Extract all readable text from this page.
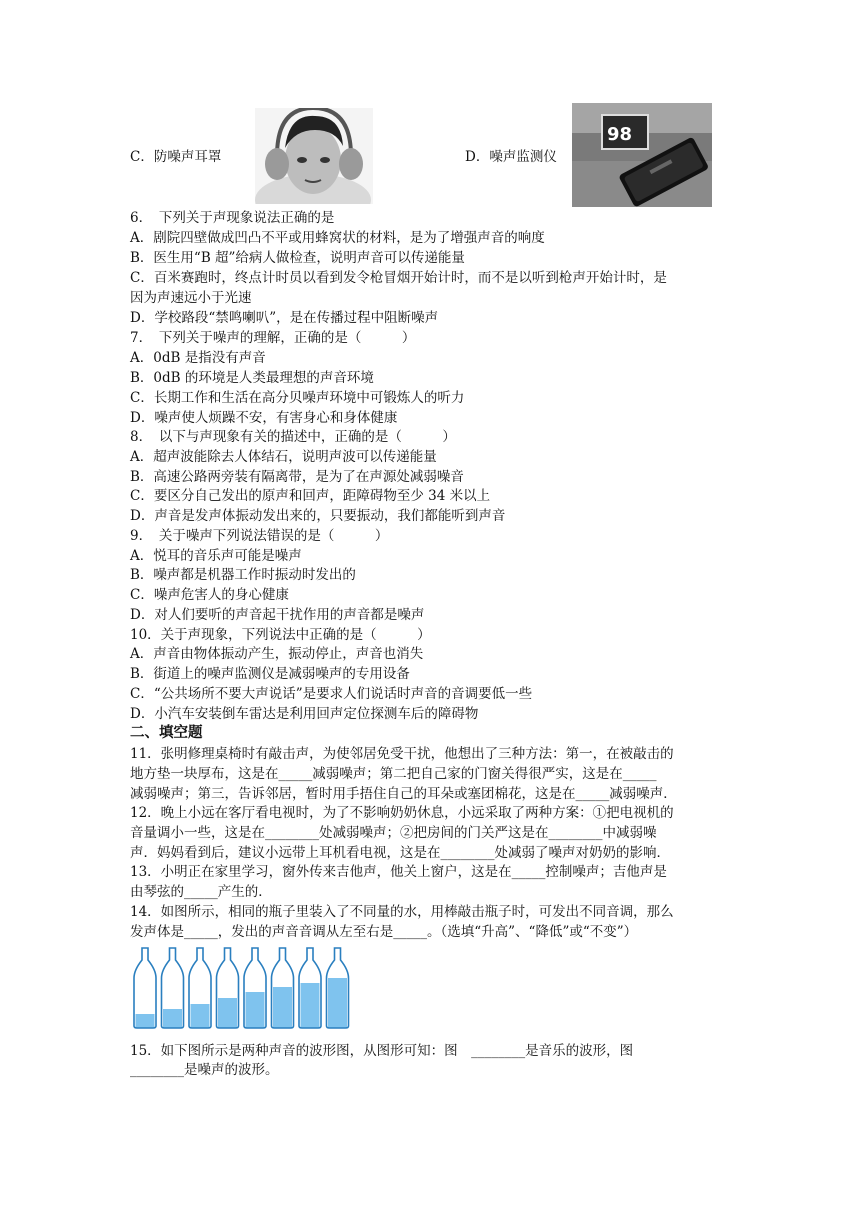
C．防噪声耳罩	D．噪声监测仪
98
6．　下列关于声现象说法正确的是
A．剧院四壁做成凹凸不平或用蜂窝状的材料，是为了增强声音的响度
B．医生用“B 超”给病人做检查，说明声音可以传递能量
C．百米赛跑时，终点计时员以看到发令枪冒烟开始计时，而不是以听到枪声开始计时，是
因为声速远小于光速
D．学校路段“禁鸣喇叭”，是在传播过程中阻断噪声
7．　下列关于噪声的理解，正确的是（　　　）
A．0dB 是指没有声音
B．0dB 的环境是人类最理想的声音环境
C．长期工作和生活在高分贝噪声环境中可锻炼人的听力
D．噪声使人烦躁不安，有害身心和身体健康
8．　以下与声现象有关的描述中，正确的是（　　　）
A．超声波能除去人体结石，说明声波可以传递能量
B．高速公路两旁装有隔离带，是为了在声源处减弱噪音
C．要区分自己发出的原声和回声，距障碍物至少 34 米以上
D．声音是发声体振动发出来的，只要振动，我们都能听到声音
9．　关于噪声下列说法错误的是（　　　）
A．悦耳的音乐声可能是噪声
B．噪声都是机器工作时振动时发出的
C．噪声危害人的身心健康
D．对人们要听的声音起干扰作用的声音都是噪声
10．关于声现象，下列说法中正确的是（　　　）
A．声音由物体振动产生，振动停止，声音也消失
B．街道上的噪声监测仪是减弱噪声的专用设备
C．“公共场所不要大声说话”是要求人们说话时声音的音调要低一些
D．小汽车安装倒车雷达是利用回声定位探测车后的障碍物
二、填空题
11．张明修理桌椅时有敲击声，为使邻居免受干扰，他想出了三种方法：第一，在被敲击的
地方垫一块厚布，这是在_____减弱噪声；第二把自己家的门窗关得很严实，这是在_____
减弱噪声；第三，告诉邻居，暂时用手捂住自己的耳朵或塞团棉花，这是在_____减弱噪声．
12．晚上小远在客厅看电视时，为了不影响奶奶休息，小远采取了两种方案：①把电视机的
音量调小一些，这是在________处减弱噪声；②把房间的门关严这是在________中减弱噪
声．妈妈看到后，建议小远带上耳机看电视，这是在________处减弱了噪声对奶奶的影响．
13．小明正在家里学习，窗外传来吉他声，他关上窗户，这是在_____控制噪声；吉他声是
由琴弦的_____产生的．
14．如图所示，相同的瓶子里装入了不同量的水，用棒敲击瓶子时，可发出不同音调，那么
发声体是_____，发出的声音音调从左至右是_____。（选填“升高”、“降低”或“不变”）
15．如下图所示是两种声音的波形图，从图形可知：图　________是音乐的波形，图
________是噪声的波形。
